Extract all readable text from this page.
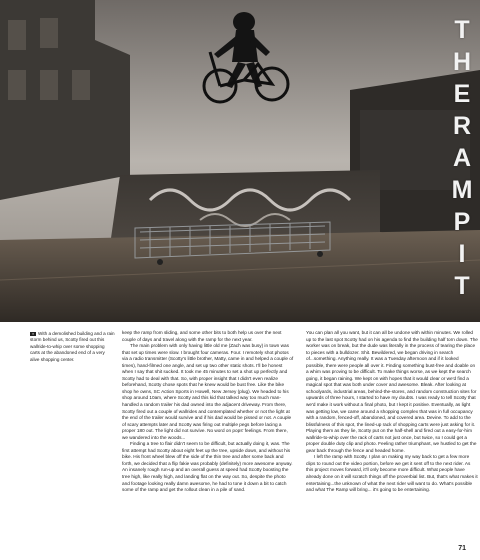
T
H
E
R
A
M
P
I
T
≡ With a demolished building and a rain storm behind us, Scotty fired out this wallride-to-whip over some shopping carts at the abandoned end of a very alive shopping center.

keep the ramp from sliding, and some other bits to both help us over the next couple of days and travel along with the ramp for the next year.

The main problem with only having little old me (Zach was busy) in town was that set up times were slow. I brought four cameras. Four. I remotely shot photos via a radio transmitter (Scotty's little brother, Matty, came in and helped a couple of times), hand-filmed one angle, and set up two other static shots. I'll be honest when I say that shit sucked. It took me 45 minutes to set a shot up perfectly and Scotty had to deal with that. So, with proper insight that I didn't even realize beforehand, Scotty chose spots that he knew would be bust free. Like the bike shop he owns, SC Action Sports in Howell, New Jersey (plug). We headed to his shop around 10am, where Scotty and this kid that talked way too much man-handled a random trailer his dad owned into the adjacent driveway. From there, Scotty fired out a couple of wallrides and contemplated whether or not the light at the end of the trailer would survive and if his dad would be pissed or not. A couple of scary attempts later and Scotty was firing out multiple pegs before lacing a proper 180 out. The light did not survive. No word on pops' feelings. From there, we wandered into the woods...

Finding a tree to flair didn't seem to be difficult, but actually doing it, was. The first attempt had Scotty about eight feet up the tree, upside down, and without his bike. His front wheel blew off the side of the thin tree and after some back and forth, we decided that a flip fakie was probably (definitely) more awesome anyway. An insanely rough run-up and an overall guess at speed had Scotty boosting the tree high, like really high, and landing flat on the way out. So, despite the photo and footage looking really damn awesome, he had to tone it down a bit to catch some of the ramp and get the rollout clean in a pile of sand.

You can plan all you want, but it can all be undone with within minutes. We rolled up to the last spot Scotty had on his agenda to find the building half torn down. The worker was on break, but the dude was literally in the process of tearing the place to pieces with a bulldozer. Shit. Bewildered, we began driving in search of...something. Anything really. It was a Tuesday afternoon and if it looked possible, there were people all over it. Finding something bust-free and doable on a whim was proving to be difficult. To make things worse, as we kept the search going, it began raining. We kept on with hopes that it would clear or we'd find a magical spot that was both under cover and awesome. Bleak. After looking at schoolyards, industrial areas, behind-the-stores, and random construction sites for upwards of three hours, I started to have my doubts. I was ready to tell Scotty that we'd make it work without a final photo, but I kept it positive. Eventually, as light was getting low, we came around a shopping complex that was in full occupancy with a random, fenced-off, abandoned, and covered area. Devine. To add to the blissfulness of this spot, the lined-up rack of shopping carts were just asking for it. Playing them as they lie, Scotty put on the half-shell and fired out a easy-for-him wallride-to-whip over the rack of carts not just once, but twice, so I could get a proper double duty clip and photo. Feeling rather triumphant, we hustled to get the gear back through the fence and headed home.

I left the ramp with Scotty. I plan on making my way back to get a few more clips to round out the video portion, before we get it sent off to the next rider. As this project moves forward, it'll only become more difficult. What people have already done on it will scratch things off the proverbial list. But, that's what makes it entertaining...the unknown of what the next rider will want to do. What's possible and what The Ramp will bring... it's going to be entertaining.

71
